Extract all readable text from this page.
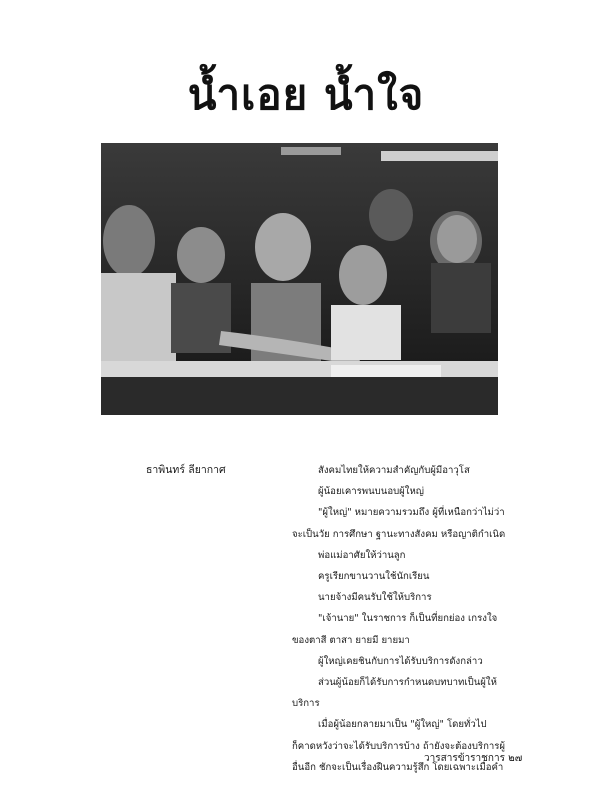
น้ำเอย น้ำใจ
ธาพินทร์ ลียากาศ	สังคมไทยให้ความสำคัญกับผู้มีอาวุโส
ผู้น้อยเคารพนบนอบผู้ใหญ่
"ผู้ใหญ่" หมายความรวมถึง ผู้ที่เหนือกว่าไม่ว่า
จะเป็นวัย การศึกษา ฐานะทางสังคม หรือญาติกำเนิด
พ่อแม่อาศัยให้ว่านลูก
ครูเรียกขานวานใช้นักเรียน
นายจ้างมีคนรับใช้ให้บริการ
"เจ้านาย" ในราชการ ก็เป็นที่ยกย่อง เกรงใจ
ของตาสี ตาสา ยายมี ยายมา
ผู้ใหญ่เคยชินกับการได้รับบริการดังกล่าว
ส่วนผู้น้อยก็ได้รับการกำหนดบทบาทเป็นผู้ให้
บริการ
เมื่อผู้น้อยกลายมาเป็น "ผู้ใหญ่" โดยทั่วไป
ก็คาดหวังว่าจะได้รับบริการบ้าง ถ้ายังจะต้องบริการผู้
อื่นอีก ชักจะเป็นเรื่องฝืนความรู้สึก โดยเฉพาะเมื่อคำ
วารสารข้าราชการ ๒๗
